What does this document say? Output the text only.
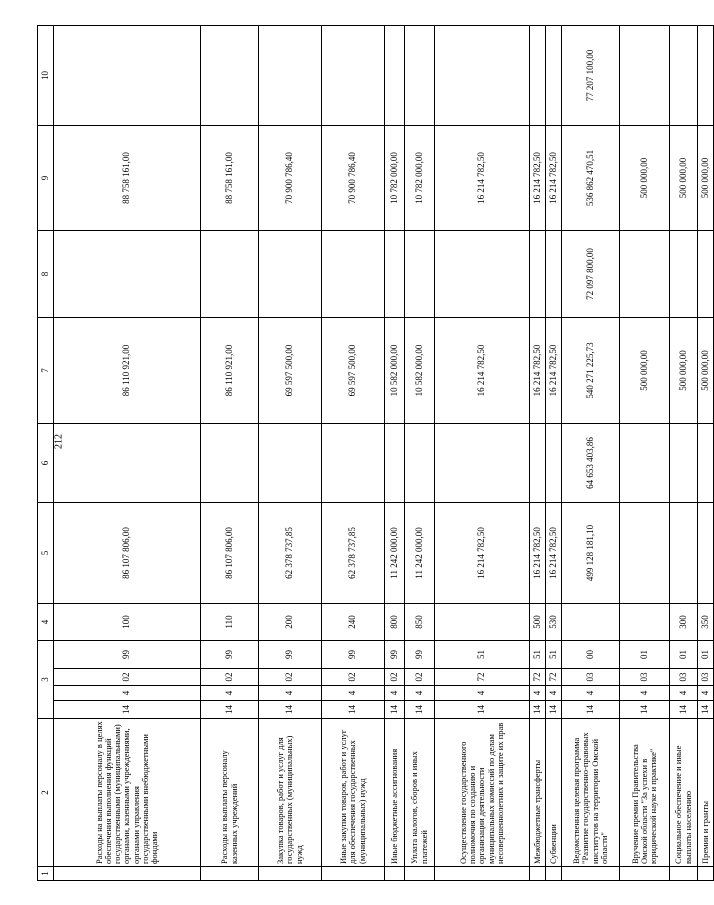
212
1	2	3				4	5	6	7	8	9	10
	Расходы на выплаты персоналу в целях обеспечения выполнения функций государственными (муниципальными) органами, казенными учреждениями, органами управления государственными внебюджетными фондами	14	4	02	99	100	86 107 806,00		86 110 921,00		88 758 161,00	
	Расходы на выплаты персоналу казенных учреждений	14	4	02	99	110	86 107 806,00		86 110 921,00		88 758 161,00	
	Закупка товаров, работ и услуг для государственных (муниципальных) нужд	14	4	02	99	200	62 378 737,85		69 597 500,00		70 900 786,40	
	Иные закупки товаров, работ и услуг для обеспечения государственных (муниципальных) нужд	14	4	02	99	240	62 378 737,85		69 597 500,00		70 900 786,40	
	Иные бюджетные ассигнования	14	4	02	99	800	11 242 000,00		10 582 000,00		10 782 000,00	
	Уплата налогов, сборов и иных платежей	14	4	02	99	850	11 242 000,00		10 582 000,00		10 782 000,00	
	Осуществление государственного полномочия по созданию и организации деятельности муниципальных комиссий по делам несовершеннолетних и защите их прав	14	4	72	51		16 214 782,50		16 214 782,50		16 214 782,50	
	Межбюджетные трансферты	14	4	72	51	500	16 214 782,50		16 214 782,50		16 214 782,50	
	Субвенции	14	4	72	51	530	16 214 782,50		16 214 782,50		16 214 782,50	
	Ведомственная целевая программа "Развитие государственно-правовых институтов на территории Омской области"	14	4	03	00		499 128 181,10	64 653 403,86	540 271 225,73	72 097 800,00	536 862 470,51	77 207 100,00
	Вручение премии Правительства Омской области "За успехи в юридической науке и практике"	14	4	03	01				500 000,00		500 000,00	
	Социальное обеспечение и иные выплаты населению	14	4	03	01	300			500 000,00		500 000,00	
	Премии и гранты	14	4	03	01	350			500 000,00		500 000,00	
